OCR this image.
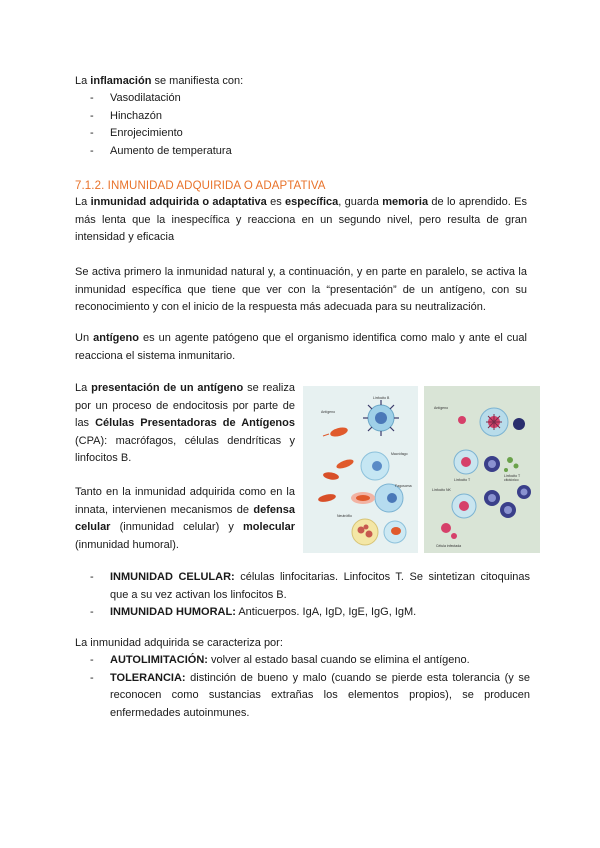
La inflamación se manifiesta con:

- Vasodilatación
- Hinchazón
- Enrojecimiento
- Aumento de temperatura

7.1.2. INMUNIDAD ADQUIRIDA O ADAPTATIVA

La inmunidad adquirida o adaptativa es específica, guarda memoria de lo aprendido. Es más lenta que la inespecífica y reacciona en un segundo nivel, pero resulta de gran intensidad y eficacia

Se activa primero la inmunidad natural y, a continuación, y en parte en paralelo, se activa la inmunidad específica que tiene que ver con la “presentación” de un antígeno, con su reconocimiento y con el inicio de la respuesta más adecuada para su neutralización.

Un antígeno es un agente patógeno que el organismo identifica como malo y ante el cual reacciona el sistema inmunitario.

La presentación de un antígeno se realiza por un proceso de endocitosis por parte de las Células Presentadoras de Antígenos (CPA): macrófagos, células dendríticas y linfocitos B.

Tanto en la inmunidad adquirida como en la innata, intervienen mecanismos de defensa celular (inmunidad celular) y molecular (inmunidad humoral).

Antígeno
Linfocito B
Macrófago
Fagosoma
Neutrófilo
Antígeno
Linfocito T
Linfocito T citotóxico
Linfocito NK
Célula infectada
- INMUNIDAD CELULAR: células linfocitarias. Linfocitos T. Se sintetizan citoquinas que a su vez activan los linfocitos B.
- INMUNIDAD HUMORAL: Anticuerpos. IgA, IgD, IgE, IgG, IgM.

La inmunidad adquirida se caracteriza por:

- AUTOLIMITACIÓN: volver al estado basal cuando se elimina el antígeno.
- TOLERANCIA: distinción de bueno y malo (cuando se pierde esta tolerancia (y se reconocen como sustancias extrañas los elementos propios), se producen enfermedades autoinmunes.
